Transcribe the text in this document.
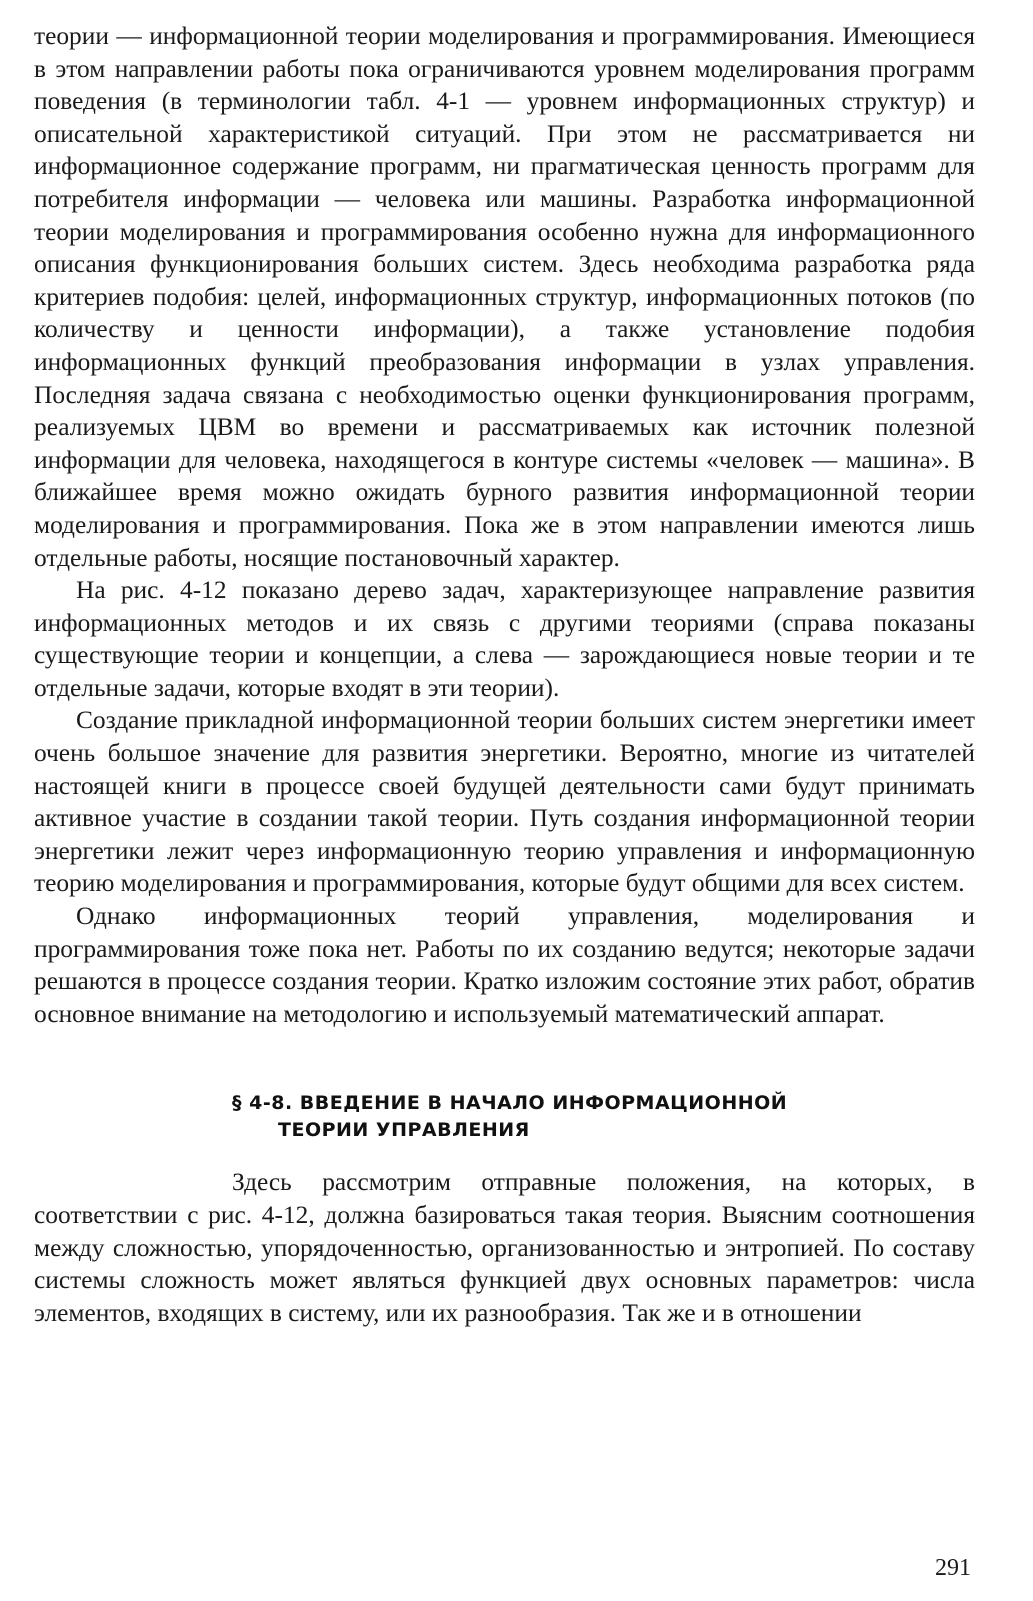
теории — информационной теории моделирования и программирования. Имеющиеся в этом направлении работы пока ограничиваются уровнем моделирования программ поведения (в терминологии табл. 4-1 — уровнем информационных структур) и описательной характеристикой ситуаций. При этом не рассматривается ни информационное содержание программ, ни прагматическая ценность программ для потребителя информации — человека или машины. Разработка информационной теории моделирования и программирования особенно нужна для информационного описания функционирования больших систем. Здесь необходима разработка ряда критериев подобия: целей, информационных структур, информационных потоков (по количеству и ценности информации), а также установление подобия информационных функций преобразования информации в узлах управления. Последняя задача связана с необходимостью оценки функционирования программ, реализуемых ЦВМ во времени и рассматриваемых как источник полезной информации для человека, находящегося в контуре системы «человек — машина». В ближайшее время можно ожидать бурного развития информационной теории моделирования и программирования. Пока же в этом направлении имеются лишь отдельные работы, носящие постановочный характер.

На рис. 4-12 показано дерево задач, характеризующее направление развития информационных методов и их связь с другими теориями (справа показаны существующие теории и концепции, а слева — зарождающиеся новые теории и те отдельные задачи, которые входят в эти теории).

Создание прикладной информационной теории больших систем энергетики имеет очень большое значение для развития энергетики. Вероятно, многие из читателей настоящей книги в процессе своей будущей деятельности сами будут принимать активное участие в создании такой теории. Путь создания информационной теории энергетики лежит через информационную теорию управления и информационную теорию моделирования и программирования, которые будут общими для всех систем.

Однако информационных теорий управления, моделирования и программирования тоже пока нет. Работы по их созданию ведутся; некоторые задачи решаются в процессе создания теории. Кратко изложим состояние этих работ, обратив основное внимание на методологию и используемый математический аппарат.

§ 4-8. ВВЕДЕНИЕ В НАЧАЛО ИНФОРМАЦИОННОЙ
ТЕОРИИ УПРАВЛЕНИЯ

Здесь рассмотрим отправные положения, на которых, в соответствии с рис. 4-12, должна базироваться такая теория. Выясним соотношения между сложностью, упорядоченностью, организованностью и энтропией. По составу системы сложность может являться функцией двух основных параметров: числа элементов, входящих в систему, или их разнообразия. Так же и в отношении

291
